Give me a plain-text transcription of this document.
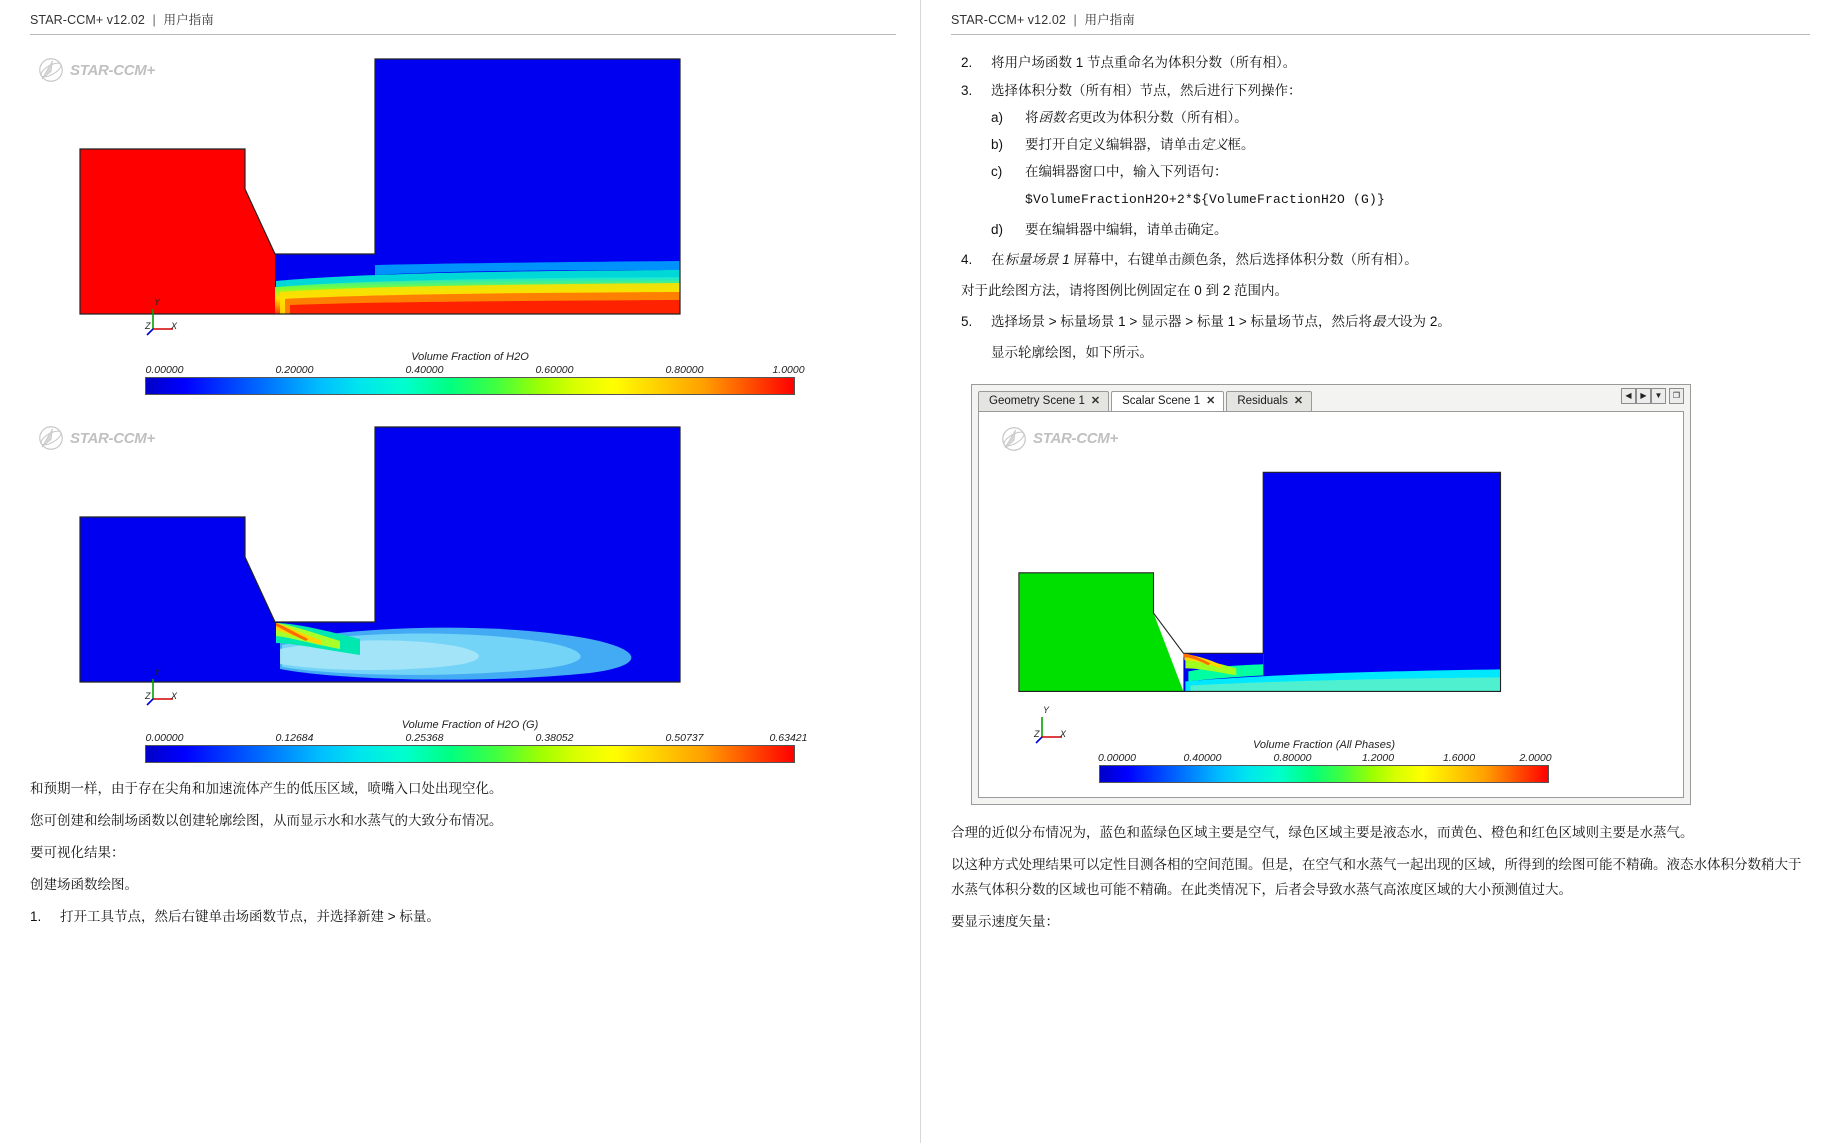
STAR-CCM+ v12.02 | 用户指南
STAR-CCM+
Y
Z X
Volume Fraction of H2O
0.00000	0.20000	0.40000	0.60000	0.80000	1.0000
STAR-CCM+
Y
Z X
Volume Fraction of H2O (G)
0.00000	0.12684	0.25368	0.38052	0.50737	0.63421

和预期一样，由于存在尖角和加速流体产生的低压区域，喷嘴入口处出现空化。

您可创建和绘制场函数以创建轮廓绘图，从而显示水和水蒸气的大致分布情况。

要可视化结果：

创建场函数绘图。

1.	打开工具节点，然后右键单击场函数节点，并选择新建 > 标量。
STAR-CCM+ v12.02 | 用户指南
2.	将用户场函数 1 节点重命名为体积分数（所有相）。
3.	选择体积分数（所有相）节点，然后进行下列操作：
a)	将函数名更改为体积分数（所有相）。
b)	要打开自定义编辑器，请单击定义框。
c)	在编辑器窗口中，输入下列语句：
$VolumeFractionH2O+2*${VolumeFractionH2O (G)}
d)	要在编辑器中编辑，请单击确定。
4.	在标量场景 1 屏幕中，右键单击颜色条，然后选择体积分数（所有相）。

对于此绘图方法，请将图例比例固定在 0 到 2 范围内。

5.	选择场景 > 标量场景 1 > 显示器 > 标量 1 > 标量场节点，然后将最大设为 2。

显示轮廓绘图，如下所示。

Geometry Scene 1 ✕ Scalar Scene 1 ✕ Residuals ✕	◀	▶ ▼	❐
STAR-CCM+
Y
Z X
Volume Fraction (All Phases)
0.00000	0.40000	0.80000	1.2000	1.6000	2.0000

合理的近似分布情况为，蓝色和蓝绿色区域主要是空气，绿色区域主要是液态水，而黄色、橙色和红色区域则主要是水蒸气。

以这种方式处理结果可以定性目测各相的空间范围。但是，在空气和水蒸气一起出现的区域，所得到的绘图可能不精确。液态水体积分数稍大于水蒸气体积分数的区域也可能不精确。在此类情况下，后者会导致水蒸气高浓度区域的大小预测值过大。

要显示速度矢量：
